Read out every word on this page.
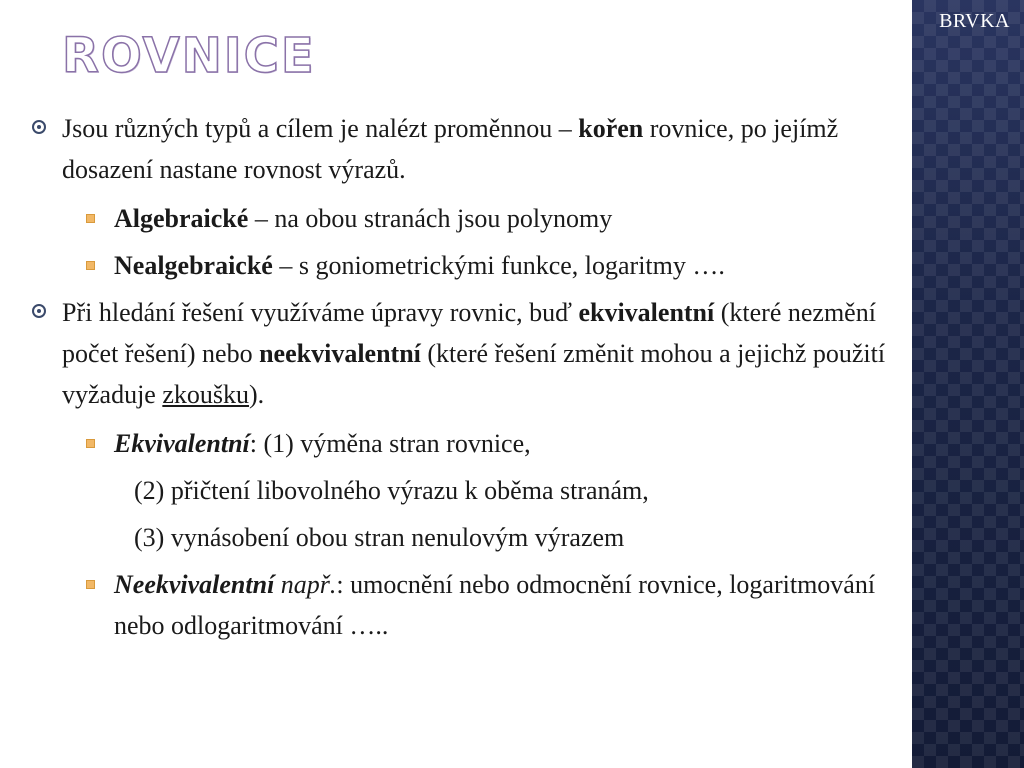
BRVKA
ROVNICE
Jsou různých typů a cílem je nalézt proměnnou – kořen rovnice, po jejímž dosazení nastane rovnost výrazů.
Algebraické – na obou stranách jsou polynomy
Nealgebraické – s goniometrickými funkce, logaritmy ….
Při hledání řešení využíváme úpravy rovnic, buď ekvivalentní (které nezmění počet řešení) nebo neekvivalentní (které řešení změnit mohou a jejichž použití vyžaduje zkoušku).
Ekvivalentní: (1) výměna stran rovnice,
(2) přičtení libovolného výrazu k oběma stranám,
(3) vynásobení obou stran nenulovým výrazem
Neekvivalentní např.: umocnění nebo odmocnění rovnice, logaritmování nebo odlogaritmování …..
